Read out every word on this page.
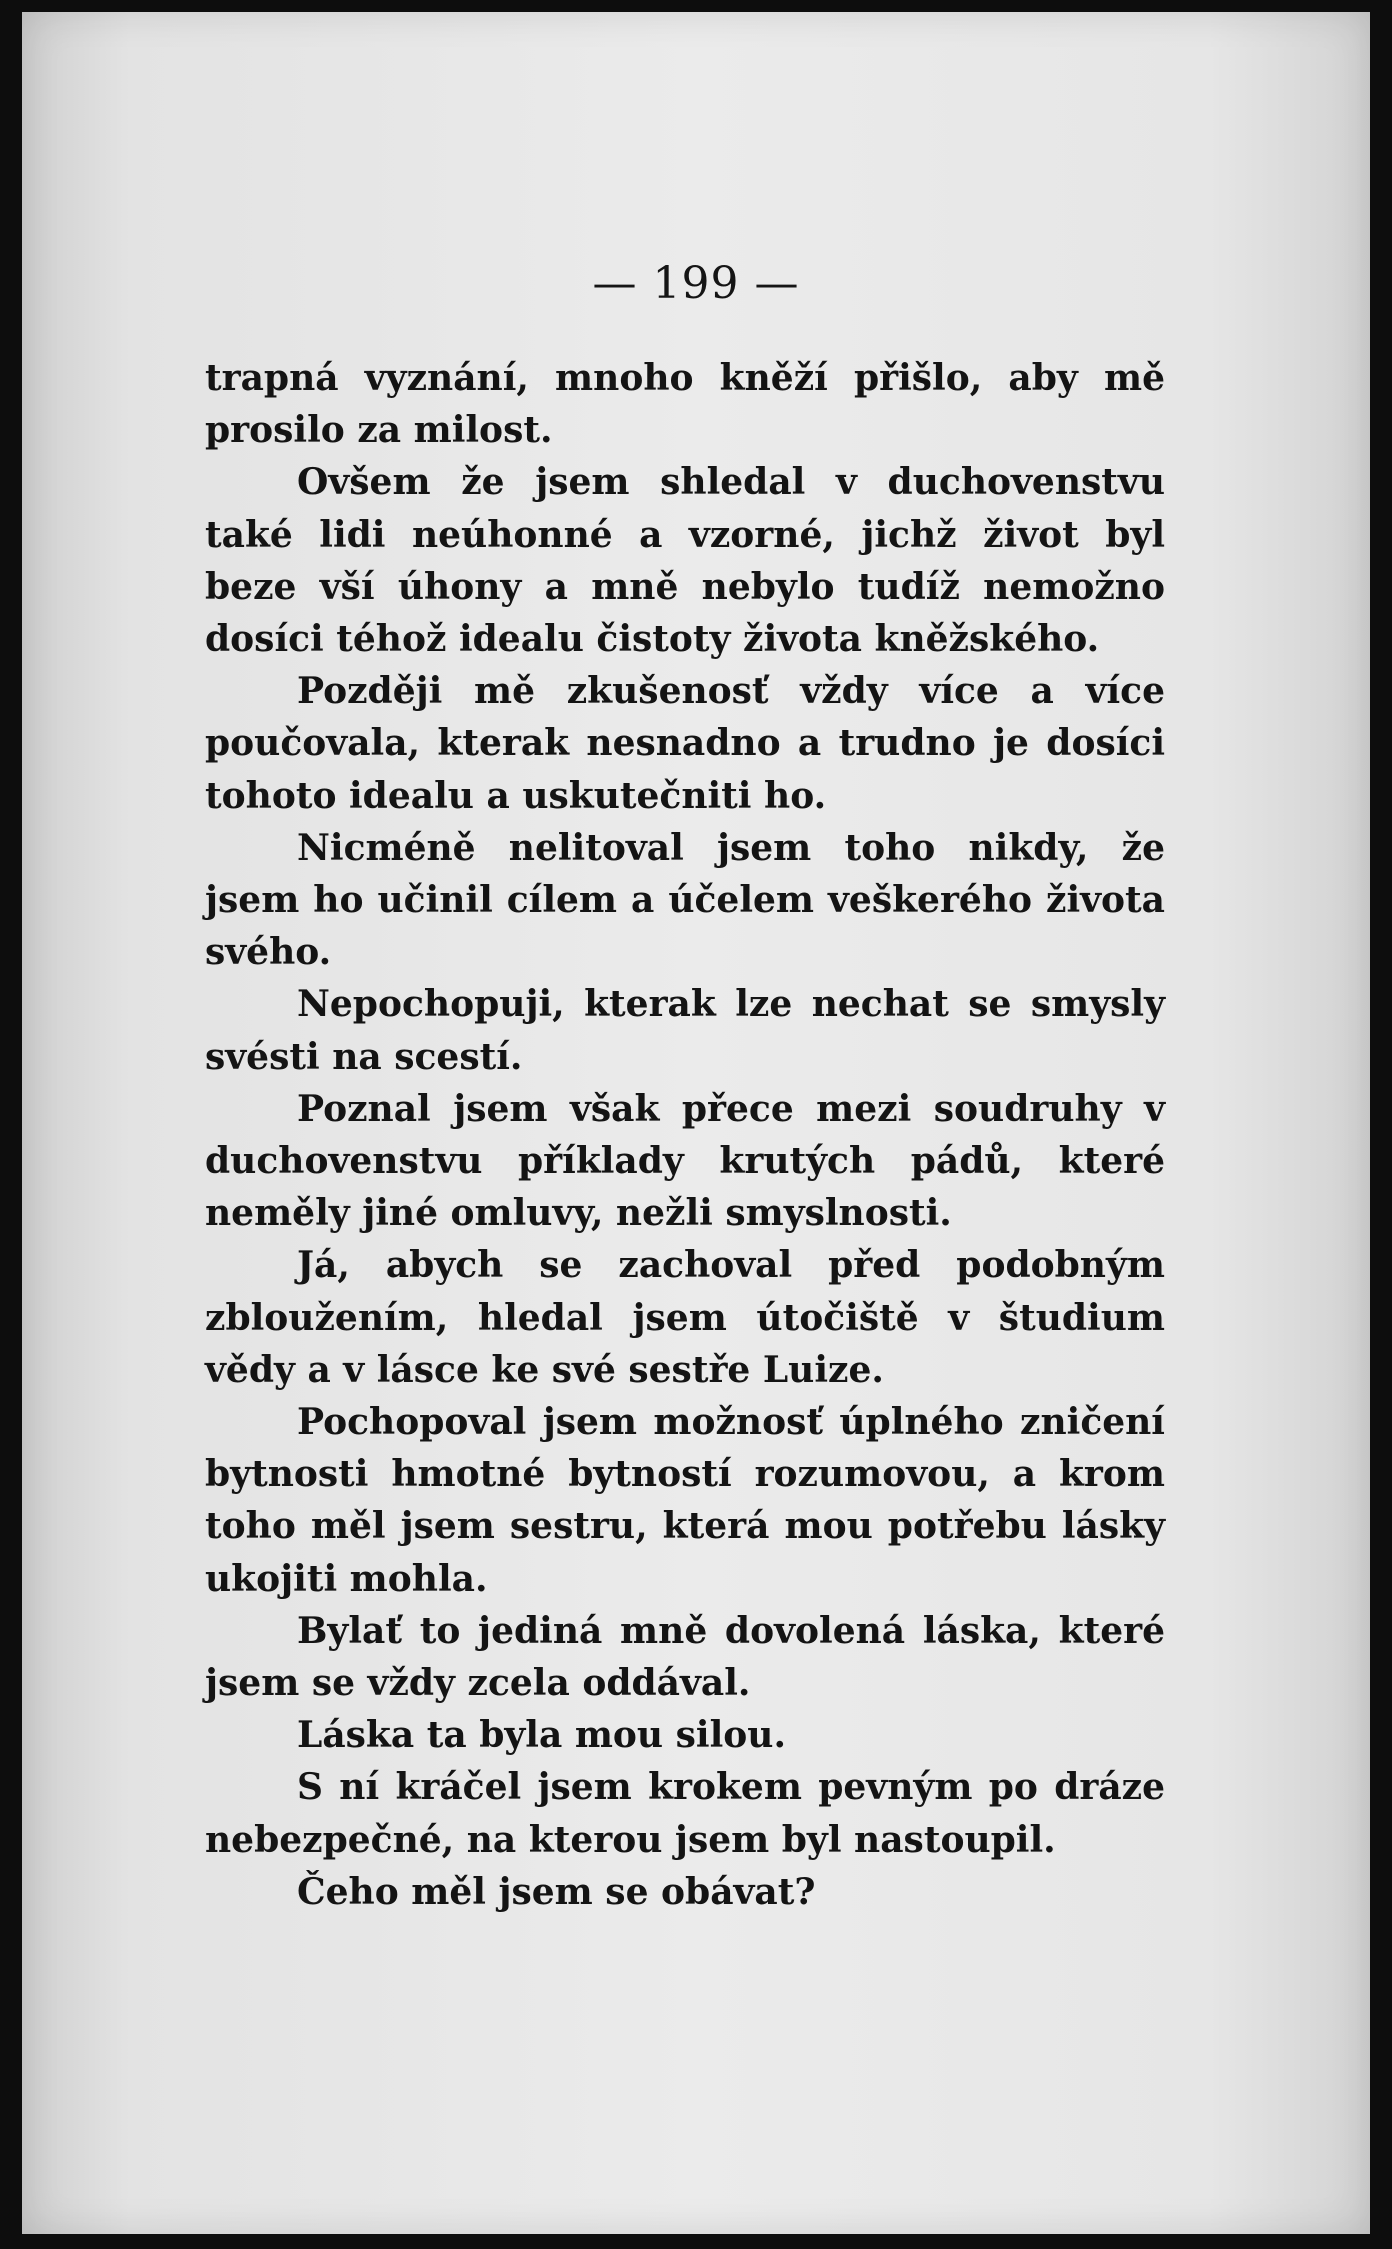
— 199 —

trapná vyznání, mnoho kněží přišlo, aby mě prosilo za milost.

Ovšem že jsem shledal v duchovenstvu také lidi neúhonné a vzorné, jichž život byl beze vší úhony a mně nebylo tudíž nemožno dosíci téhož idealu čistoty života kněžského.

Později mě zkušenosť vždy více a více poučovala, kterak nesnadno a trudno je dosíci tohoto idealu a uskutečniti ho.

Nicméně nelitoval jsem toho nikdy, že jsem ho učinil cílem a účelem veškerého života svého.

Nepochopuji, kterak lze nechat se smysly svésti na scestí.

Poznal jsem však přece mezi soudruhy v duchovenstvu příklady krutých pádů, které neměly jiné omluvy, nežli smyslnosti.

Já, abych se zachoval před podobným zbloužením, hledal jsem útočiště v študium vědy a v lásce ke své sestře Luize.

Pochopoval jsem možnosť úplného zničení bytnosti hmotné bytností rozumovou, a krom toho měl jsem sestru, která mou potřebu lásky ukojiti mohla.

Bylať to jediná mně dovolená láska, které jsem se vždy zcela oddával.

Láska ta byla mou silou.

S ní kráčel jsem krokem pevným po dráze nebezpečné, na kterou jsem byl nastoupil.

Čeho měl jsem se obávat?
